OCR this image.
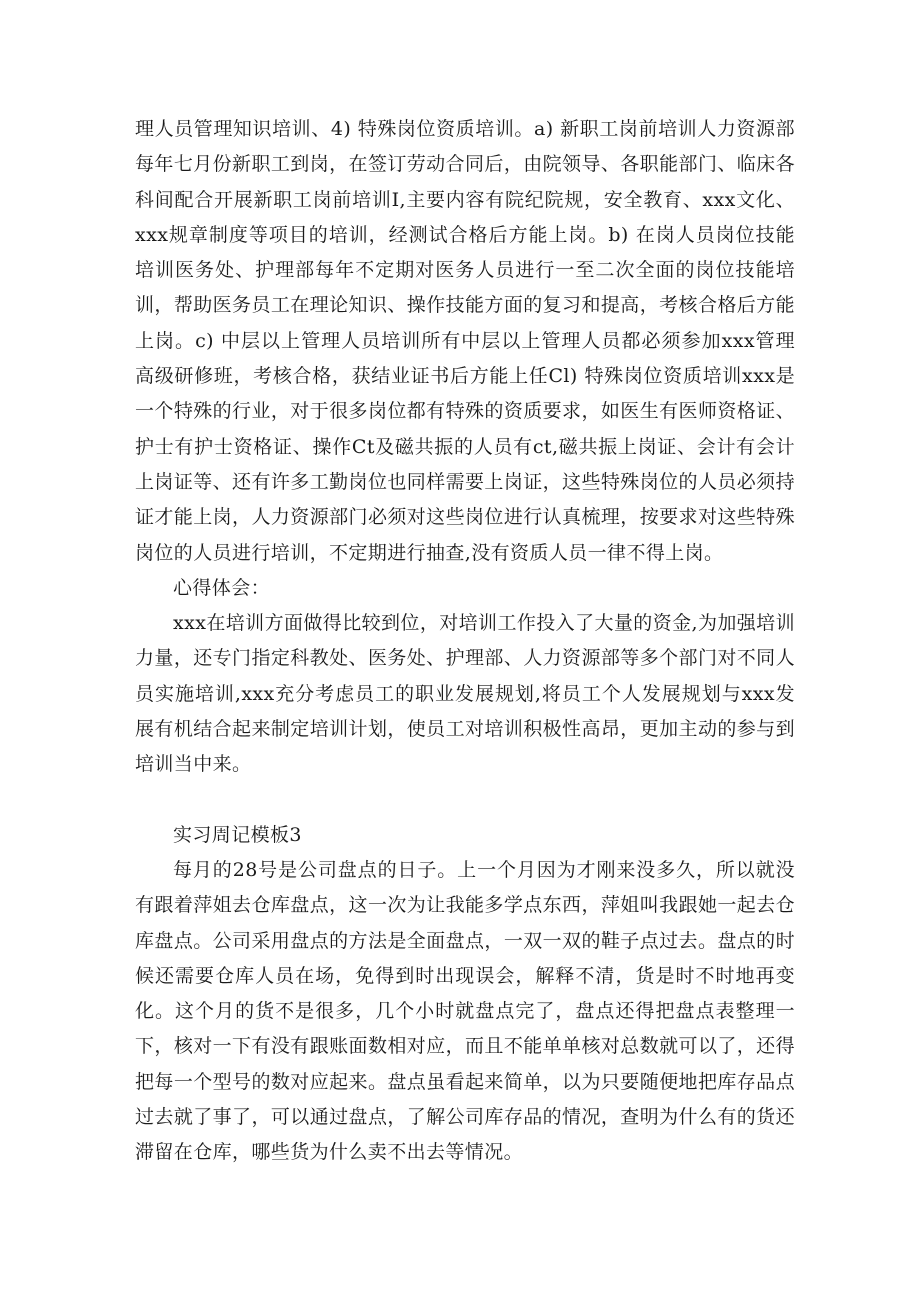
理人员管理知识培训、4) 特殊岗位资质培训。a) 新职工岗前培训人力资源部每年七月份新职工到岗，在签订劳动合同后，由院领导、各职能部门、临床各科间配合开展新职工岗前培训I,主要内容有院纪院规，安全教育、xxx文化、xxx规章制度等项目的培训，经测试合格后方能上岗。b) 在岗人员岗位技能培训医务处、护理部每年不定期对医务人员进行一至二次全面的岗位技能培训，帮助医务员工在理论知识、操作技能方面的复习和提高，考核合格后方能上岗。c) 中层以上管理人员培训所有中层以上管理人员都必须参加xxx管理高级研修班，考核合格，获结业证书后方能上任Cl) 特殊岗位资质培训xxx是一个特殊的行业，对于很多岗位都有特殊的资质要求，如医生有医师资格证、护士有护士资格证、操作Ct及磁共振的人员有ct,磁共振上岗证、会计有会计上岗证等、还有许多工勤岗位也同样需要上岗证，这些特殊岗位的人员必须持证才能上岗，人力资源部门必须对这些岗位进行认真梳理，按要求对这些特殊岗位的人员进行培训，不定期进行抽查,没有资质人员一律不得上岗。

心得体会：

xxx在培训方面做得比较到位，对培训工作投入了大量的资金,为加强培训力量，还专门指定科教处、医务处、护理部、人力资源部等多个部门对不同人员实施培训,xxx充分考虑员工的职业发展规划,将员工个人发展规划与xxx发展有机结合起来制定培训计划，使员工对培训积极性高昂，更加主动的参与到培训当中来。

实习周记模板3

每月的28号是公司盘点的日子。上一个月因为才刚来没多久，所以就没有跟着萍姐去仓库盘点，这一次为让我能多学点东西，萍姐叫我跟她一起去仓库盘点。公司采用盘点的方法是全面盘点，一双一双的鞋子点过去。盘点的时候还需要仓库人员在场，免得到时出现误会，解释不清，货是时不时地再变化。这个月的货不是很多，几个小时就盘点完了，盘点还得把盘点表整理一下，核对一下有没有跟账面数相对应，而且不能单单核对总数就可以了，还得把每一个型号的数对应起来。盘点虽看起来简单，以为只要随便地把库存品点过去就了事了，可以通过盘点，了解公司库存品的情况，查明为什么有的货还滞留在仓库，哪些货为什么卖不出去等情况。
